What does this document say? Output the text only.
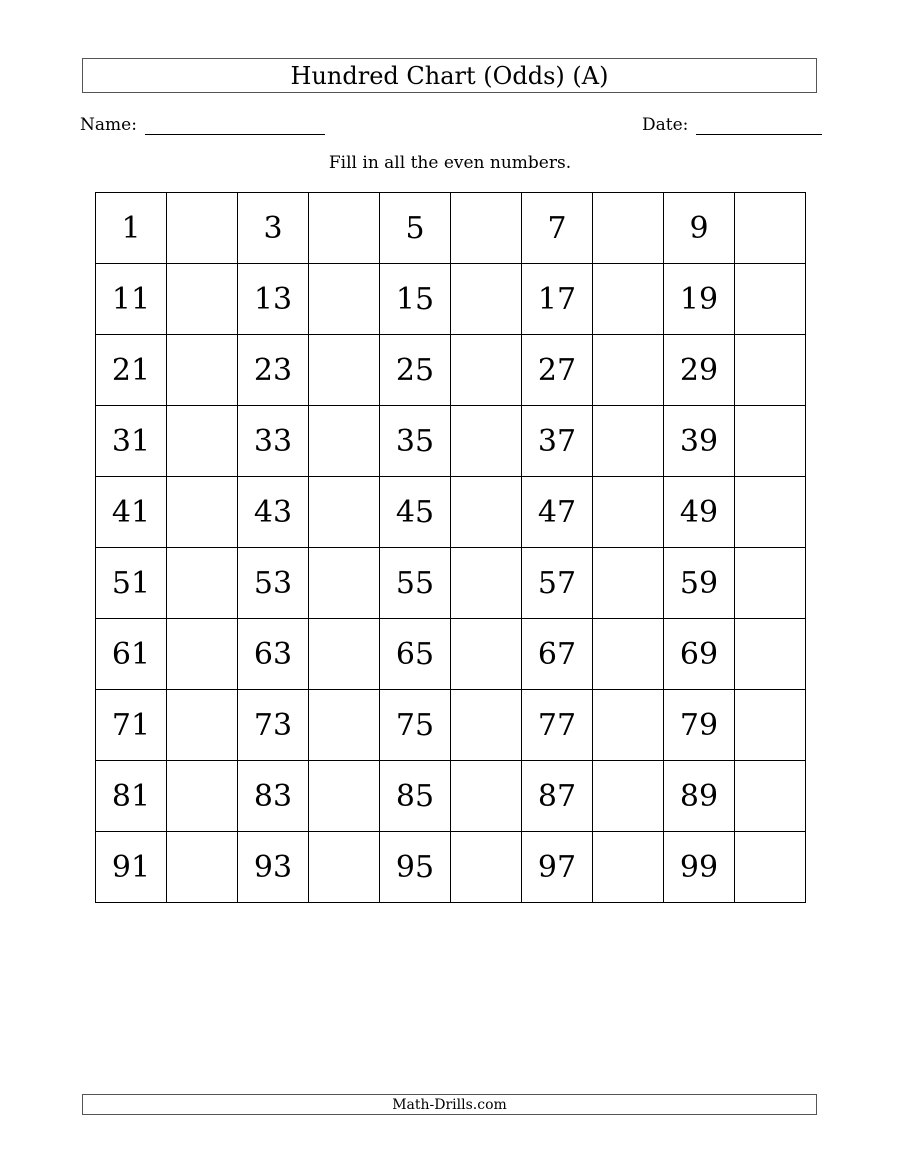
Hundred Chart (Odds) (A)
Name:	Date:
Fill in all the even numbers.
1	3	5	7	9
11	13	15	17	19
21	23	25	27	29
31	33	35	37	39
41	43	45	47	49
51	53	55	57	59
61	63	65	67	69
71	73	75	77	79
81	83	85	87	89
91	93	95	97	99
Math-Drills.com
